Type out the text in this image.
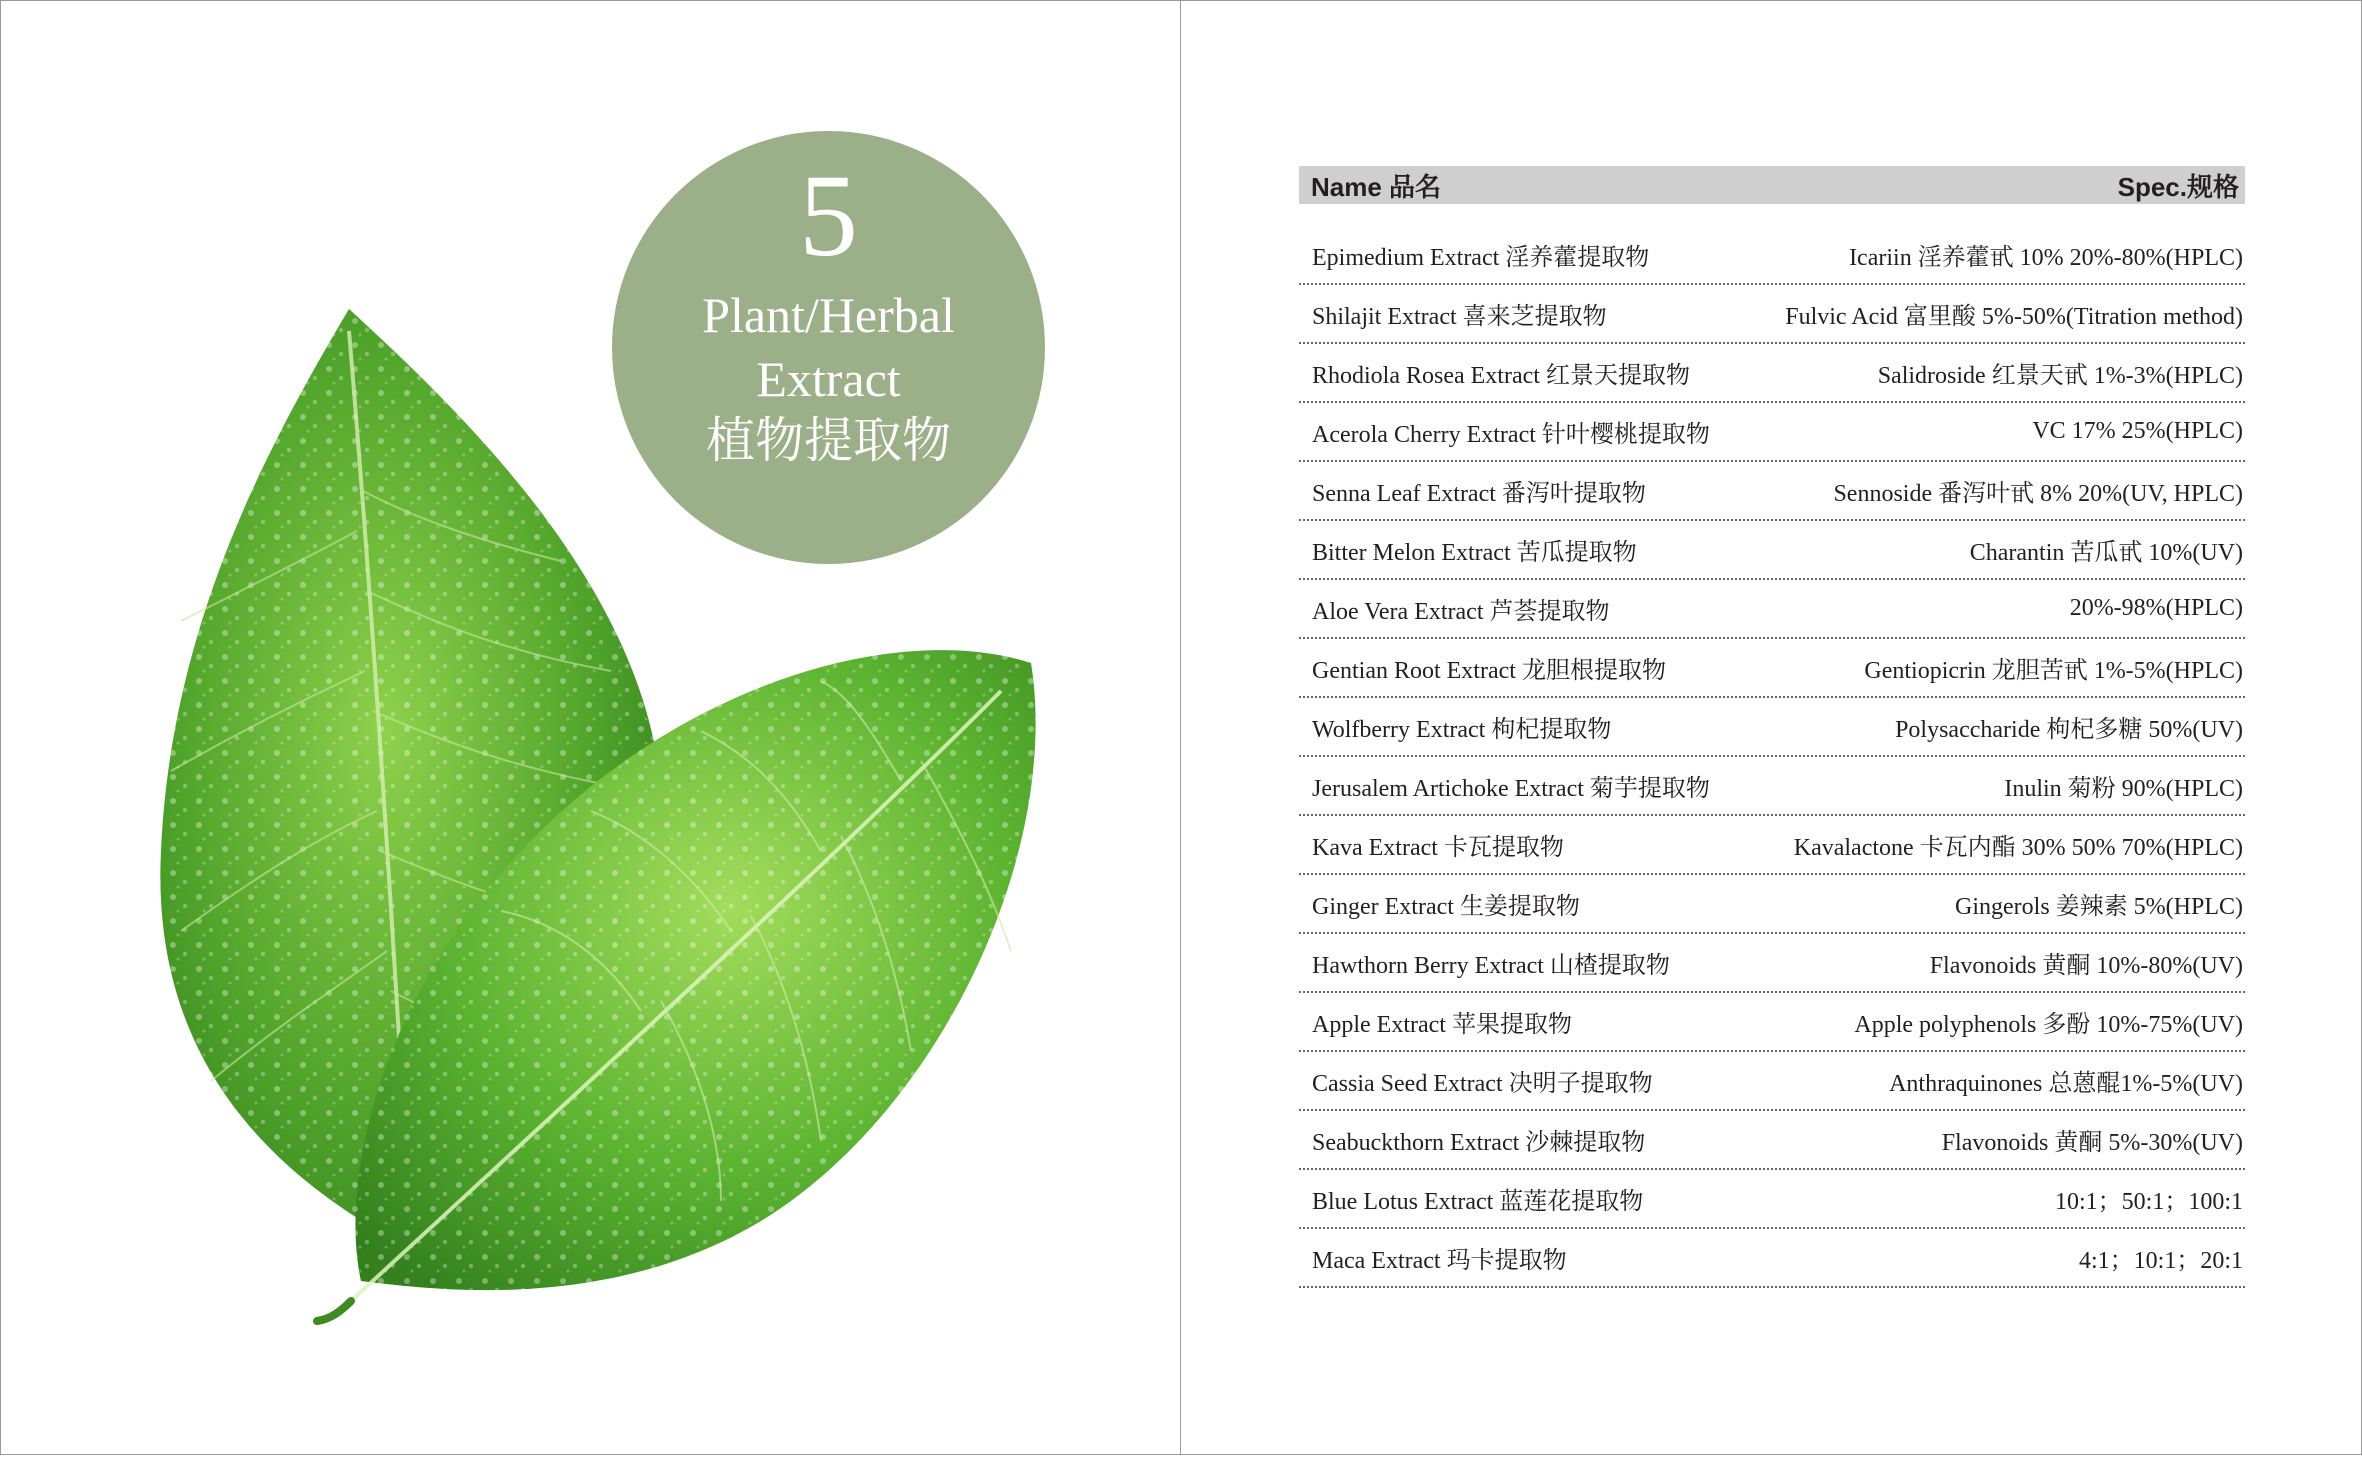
5
Plant/Herbal
Extract
植物提取物
Name 品名	Spec.规格
Epimedium Extract 淫养藿提取物	Icariin 淫养藿甙 10% 20%-80%(HPLC)
Shilajit Extract 喜来芝提取物	Fulvic Acid 富里酸 5%-50%(Titration method)
Rhodiola Rosea Extract 红景天提取物	Salidroside 红景天甙 1%-3%(HPLC)
Acerola Cherry Extract 针叶樱桃提取物	VC 17% 25%(HPLC)
Senna Leaf Extract 番泻叶提取物	Sennoside 番泻叶甙 8% 20%(UV, HPLC)
Bitter Melon Extract 苦瓜提取物	Charantin 苦瓜甙 10%(UV)
Aloe Vera Extract 芦荟提取物	20%-98%(HPLC)
Gentian Root Extract 龙胆根提取物	Gentiopicrin 龙胆苦甙 1%-5%(HPLC)
Wolfberry Extract 枸杞提取物	Polysaccharide 枸杞多糖 50%(UV)
Jerusalem Artichoke Extract 菊芋提取物	Inulin 菊粉 90%(HPLC)
Kava Extract 卡瓦提取物	Kavalactone 卡瓦内酯 30% 50% 70%(HPLC)
Ginger Extract 生姜提取物	Gingerols 姜辣素 5%(HPLC)
Hawthorn Berry Extract 山楂提取物	Flavonoids 黄酮 10%-80%(UV)
Apple Extract 苹果提取物	Apple polyphenols 多酚 10%-75%(UV)
Cassia Seed Extract 决明子提取物	Anthraquinones 总蒽醌1%-5%(UV)
Seabuckthorn Extract 沙棘提取物	Flavonoids 黄酮 5%-30%(UV)
Blue Lotus Extract 蓝莲花提取物	10:1；50:1；100:1
Maca Extract 玛卡提取物	4:1；10:1；20:1
